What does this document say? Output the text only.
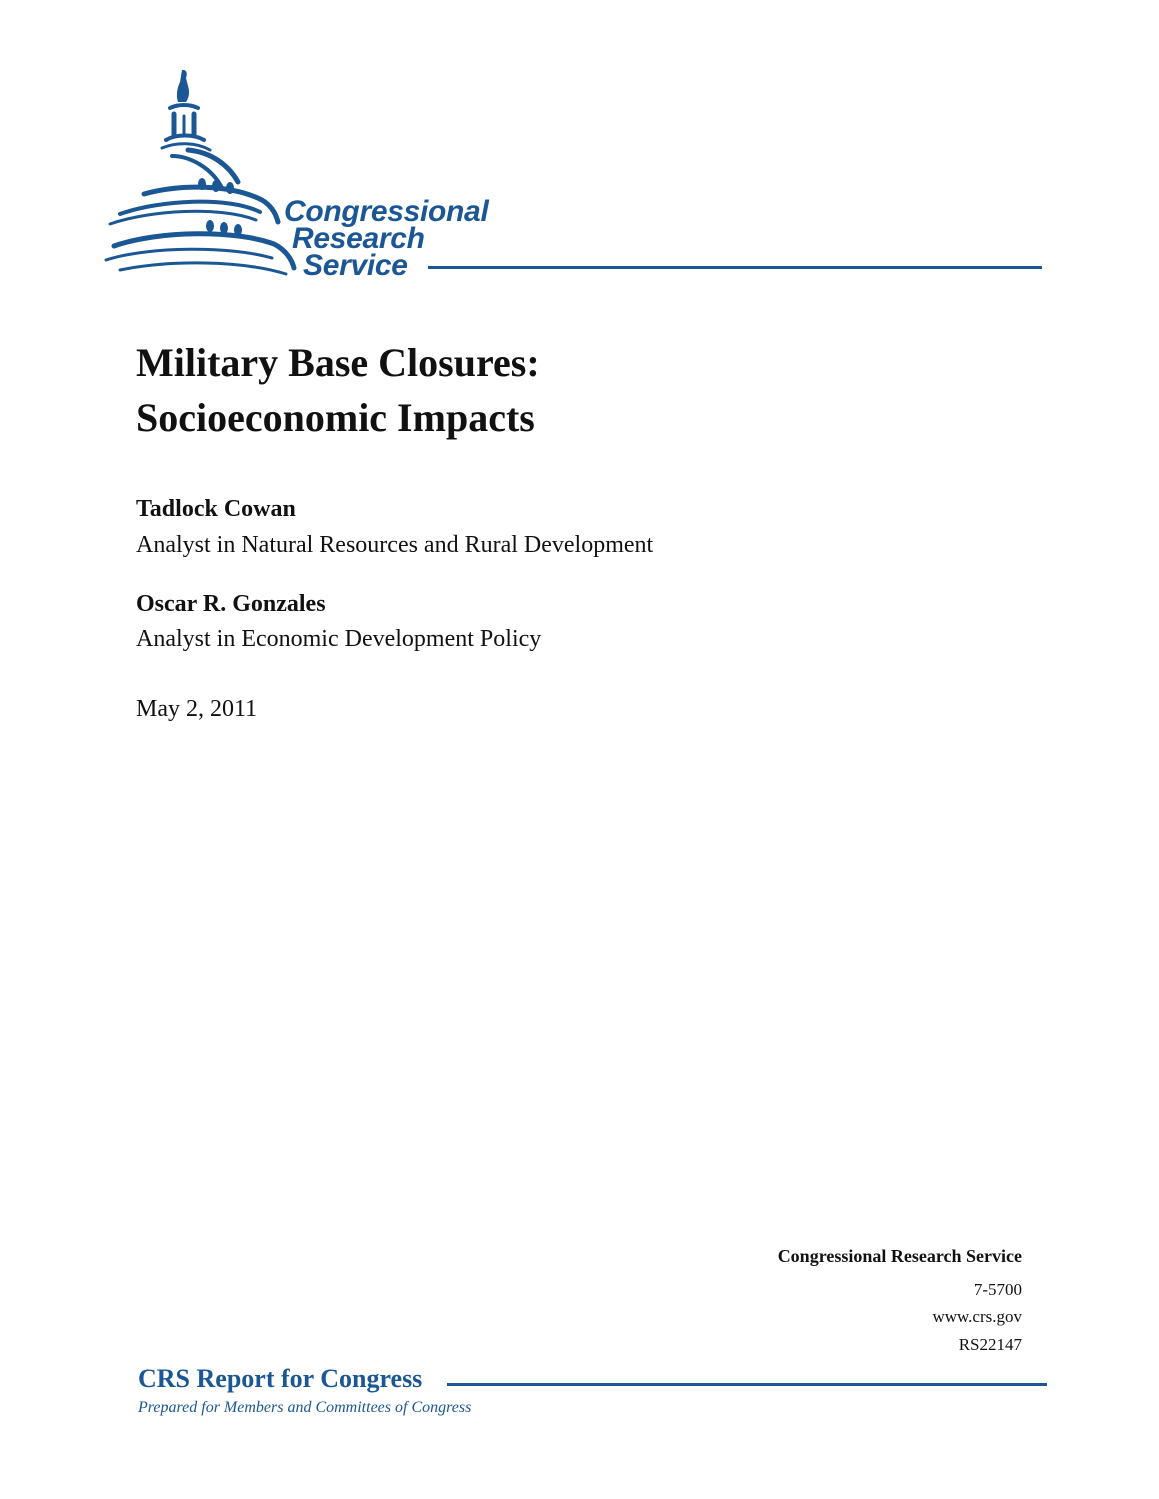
Congressional
Research
Service
Military Base Closures:
Socioeconomic Impacts
Tadlock Cowan
Analyst in Natural Resources and Rural Development
Oscar R. Gonzales
Analyst in Economic Development Policy
May 2, 2011
Congressional Research Service
7-5700
www.crs.gov
RS22147
CRS Report for Congress
Prepared for Members and Committees of Congress
